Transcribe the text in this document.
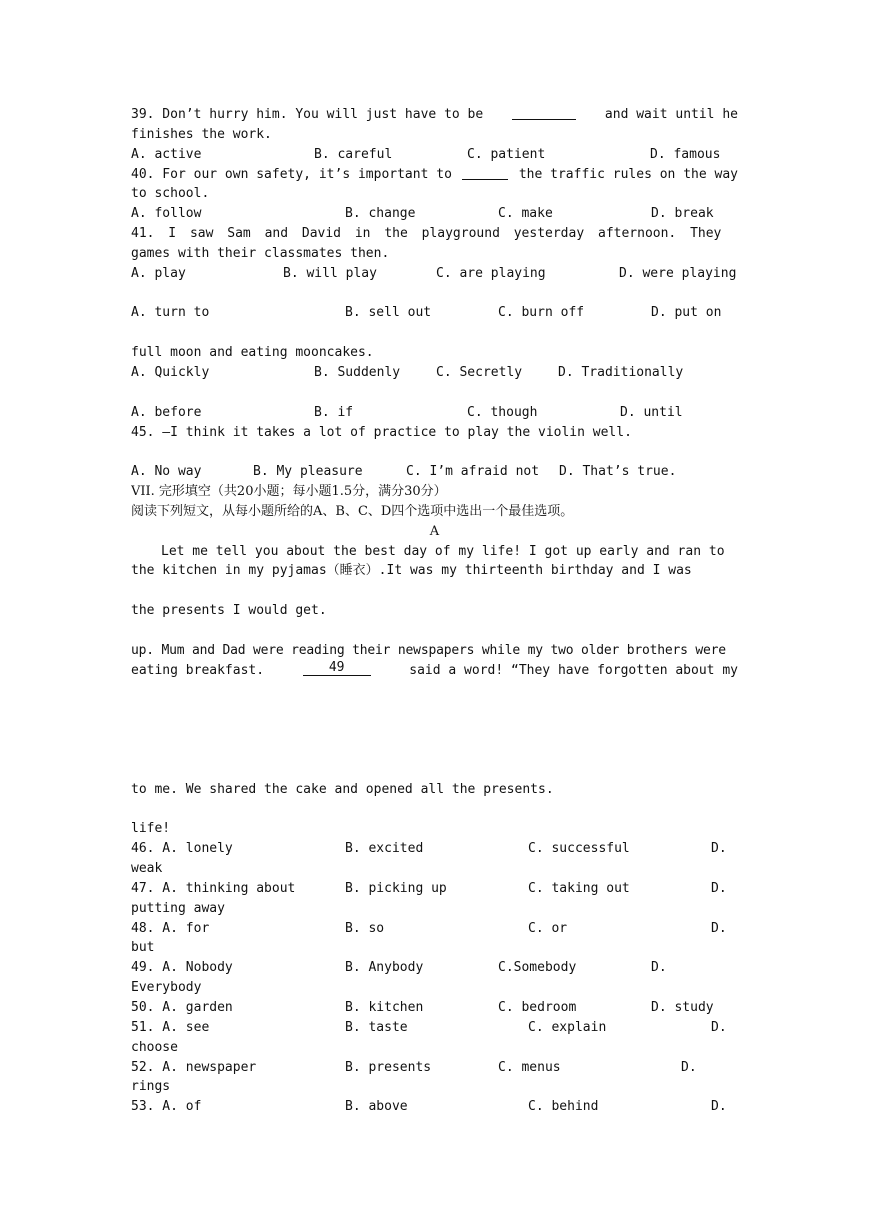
39. Don’t hurry him. You will just have to be	and wait until he
finishes the work.
A. active	B. careful	C. patient	D. famous
40. For our own safety, it’s important to	the traffic rules on the way
to school.
A. follow	B. change	C. make	D. break
41. I saw Sam and David in the playground yesterday afternoon. They
games with their classmates then.
A. play	B. will play	C. are playing	D. were playing

A. turn to	B. sell out	C. burn off	D. put on

full moon and eating mooncakes.
A. Quickly	B. Suddenly	C. Secretly	D. Traditionally

A. before	B. if	C. though	D. until
45. —I think it takes a lot of practice to play the violin well.

A. No way	B. My pleasure	C. I’m afraid not	D. That’s true.
VII. 完形填空（共20小题；每小题1.5分，满分30分）
阅读下列短文，从每小题所给的A、B、C、D四个选项中选出一个最佳选项。
A
Let me tell you about the best day of my life! I got up early and ran to
the kitchen in my pyjamas（睡衣）.It was my thirteenth birthday and I was

the presents I would get.

up. Mum and Dad were reading their newspapers while my two older brothers were
eating breakfast.	49	said a word! “They have forgotten about my

to me. We shared the cake and opened all the presents.

life!
46. A. lonely	B. excited	C. successful	D.
weak
47. A. thinking about	B. picking up	C. taking out	D.
putting away
48. A. for	B. so	C. or	D.
but
49. A. Nobody	B. Anybody	C.Somebody	D.
Everybody
50. A. garden	B. kitchen	C. bedroom	D. study
51. A. see	B. taste	C. explain	D.
choose
52. A. newspaper	B. presents	C. menus	D.
rings
53. A. of	B. above	C. behind	D.
